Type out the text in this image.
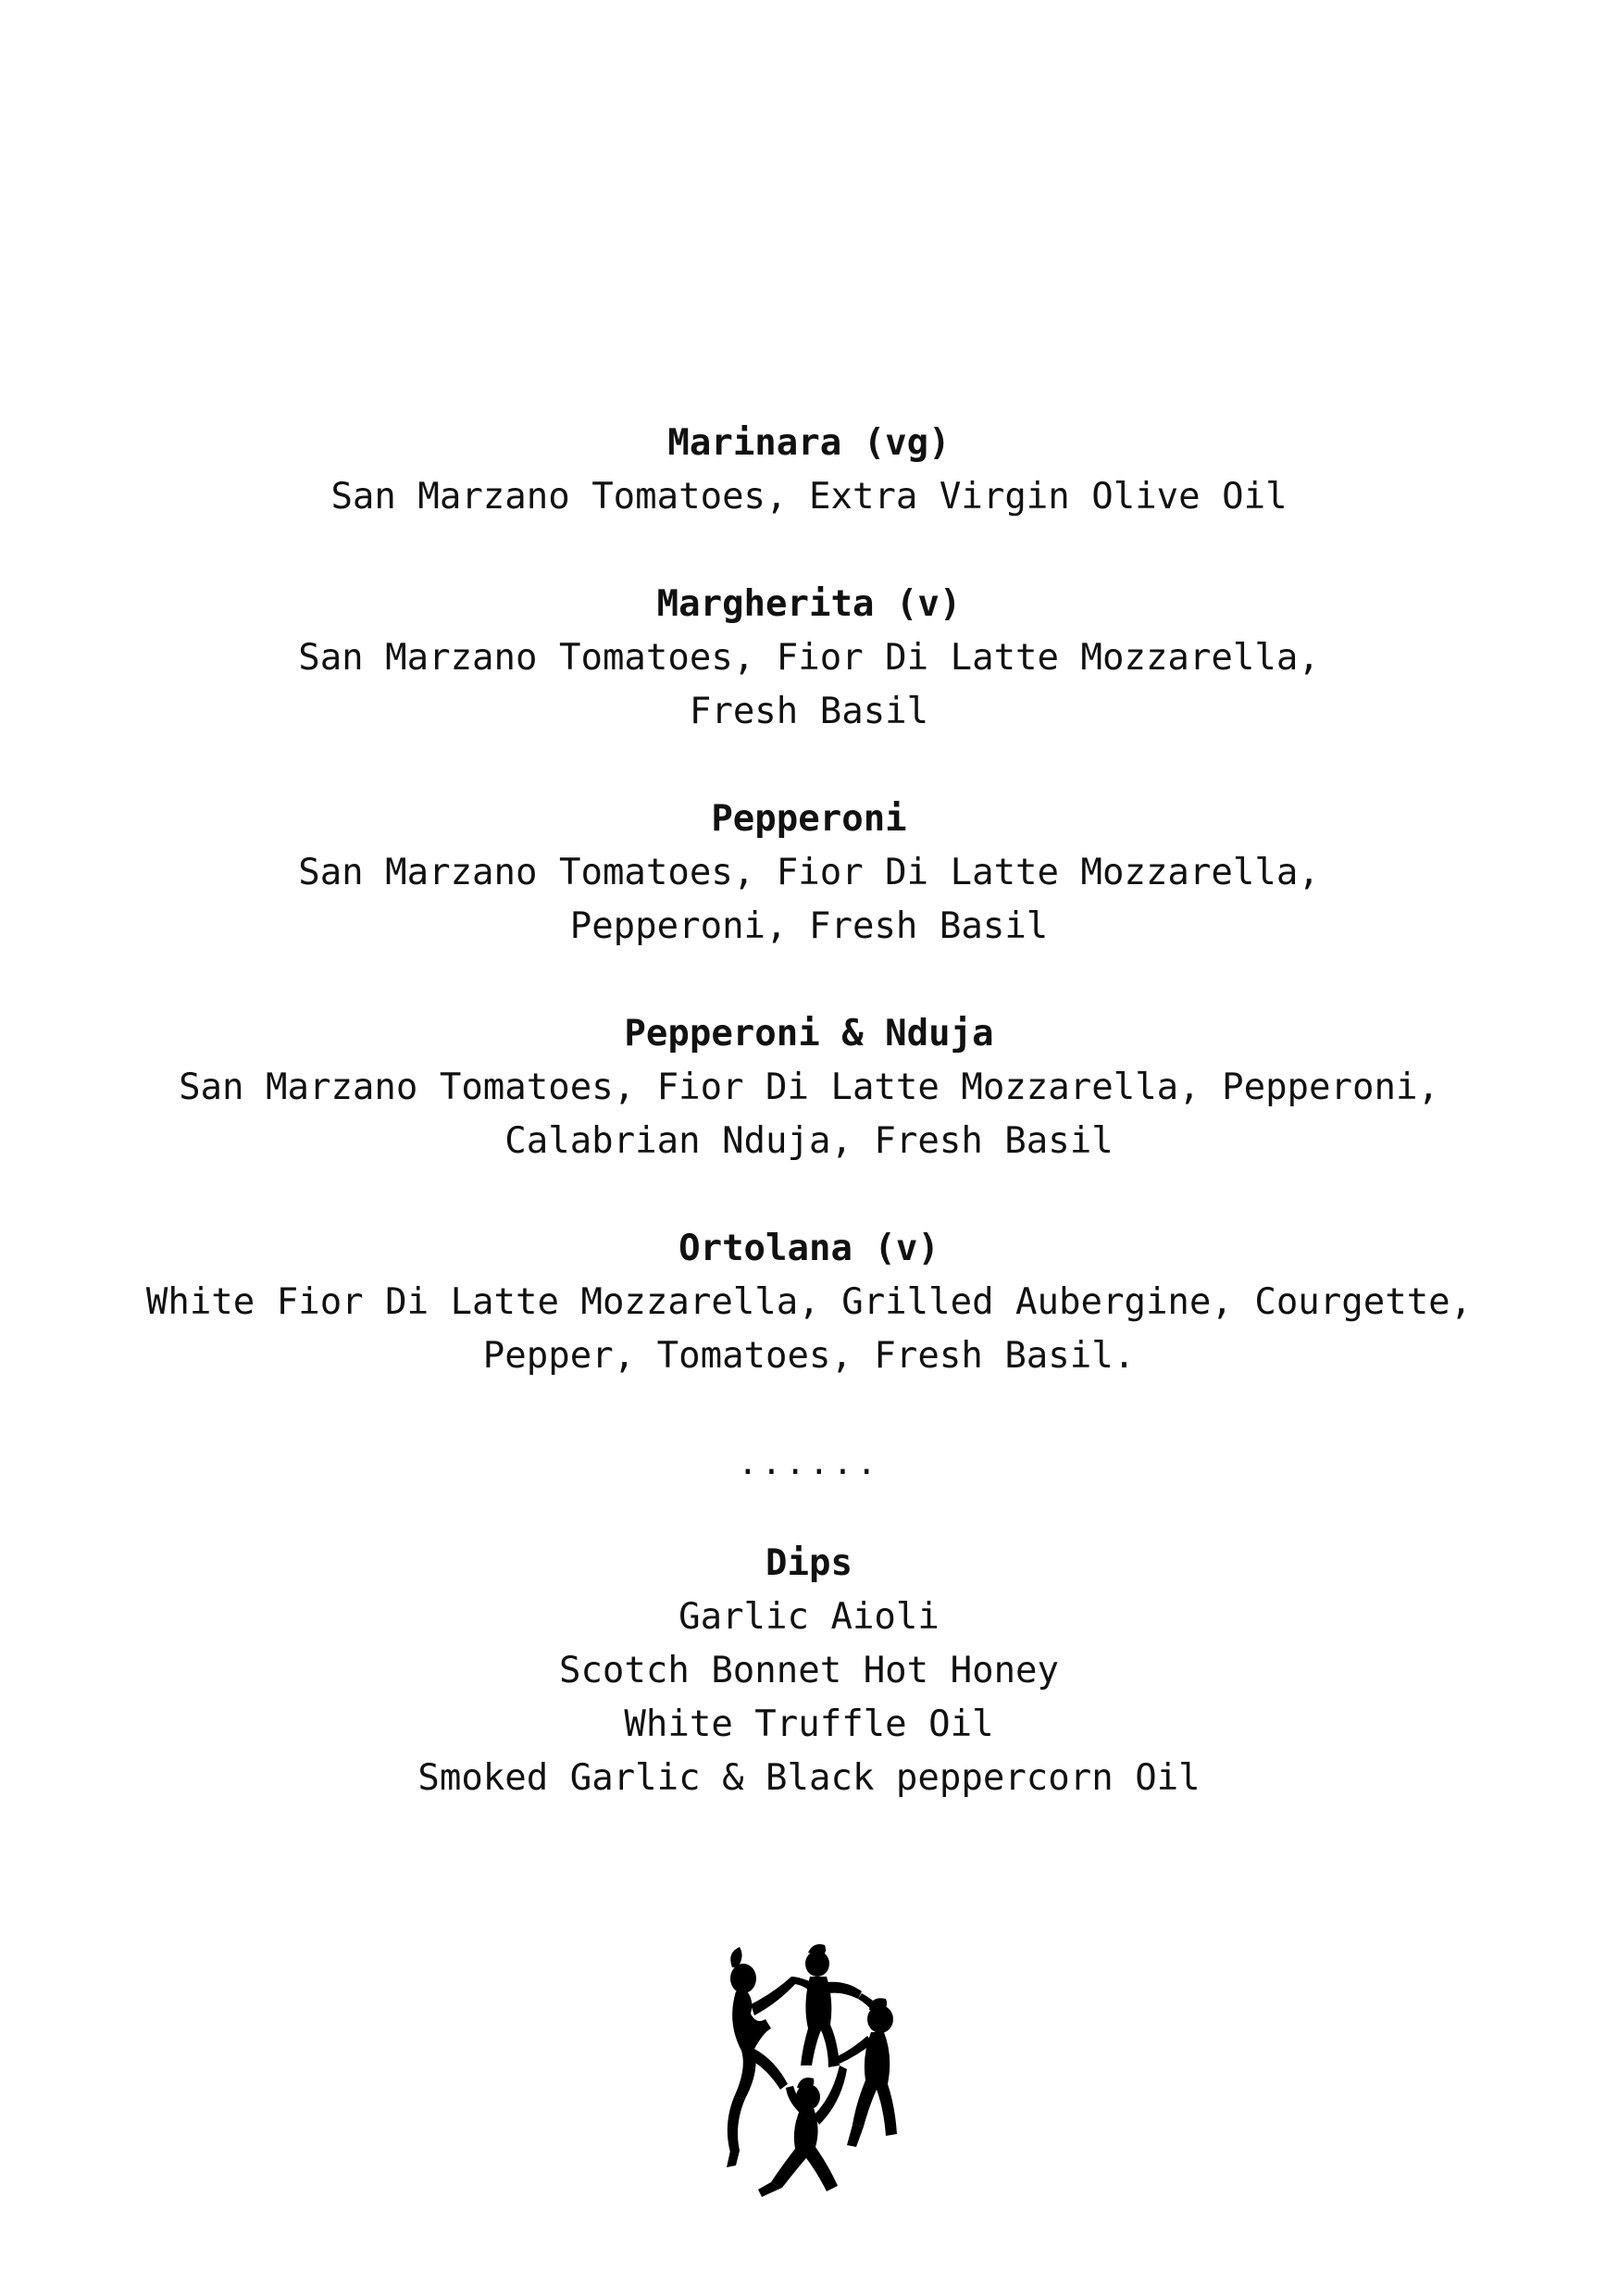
Marinara (vg)
San Marzano Tomatoes, Extra Virgin Olive Oil
Margherita (v)
San Marzano Tomatoes, Fior Di Latte Mozzarella,
Fresh Basil
Pepperoni
San Marzano Tomatoes, Fior Di Latte Mozzarella,
Pepperoni, Fresh Basil
Pepperoni & Nduja
San Marzano Tomatoes, Fior Di Latte Mozzarella, Pepperoni,
Calabrian Nduja, Fresh Basil
Ortolana (v)
White Fior Di Latte Mozzarella, Grilled Aubergine, Courgette,
Pepper, Tomatoes, Fresh Basil.
......
Dips
Garlic Aioli
Scotch Bonnet Hot Honey
White Truffle Oil
Smoked Garlic & Black peppercorn Oil
